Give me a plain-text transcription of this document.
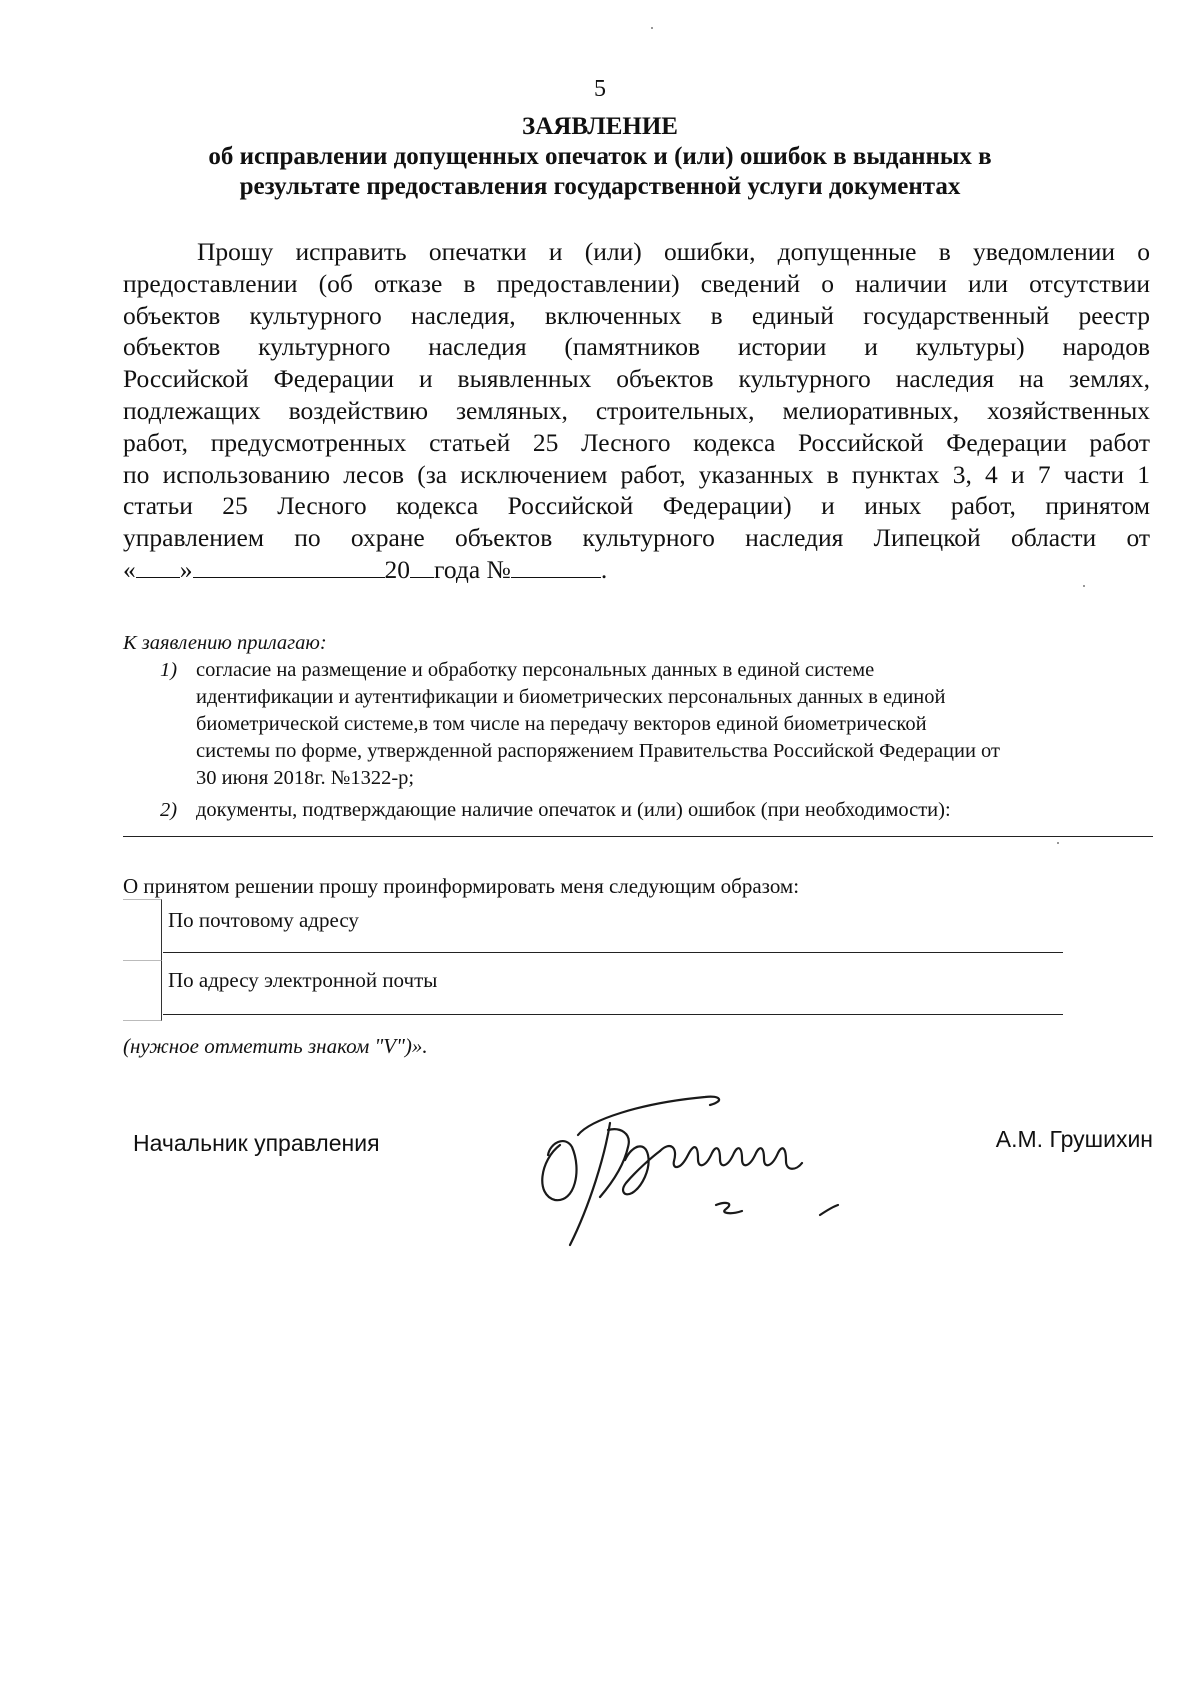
5
ЗАЯВЛЕНИЕ
об исправлении допущенных опечаток и (или) ошибок в выданных в
результате предоставления государственной услуги документах
Прошу исправить опечатки и (или) ошибки, допущенные в уведомлении о
предоставлении (об отказе в предоставлении) сведений о наличии или отсутствии
объектов культурного наследия, включенных в единый государственный реестр
объектов культурного наследия (памятников истории и культуры) народов
Российской Федерации и выявленных объектов культурного наследия на землях,
подлежащих воздействию земляных, строительных, мелиоративных, хозяйственных
работ, предусмотренных статьей 25 Лесного кодекса Российской Федерации работ
по использованию лесов (за исключением работ, указанных в пунктах 3, 4 и 7 части 1
статьи 25 Лесного кодекса Российской Федерации) и иных работ, принятом
управлением по охране объектов культурного наследия Липецкой области от
« »	20 года №	.
К заявлению прилагаю:
1) согласие на размещение и обработку персональных данных в единой системе
идентификации и аутентификации и биометрических персональных данных в единой
биометрической системе,в том числе на передачу векторов единой биометрической
системы по форме, утвержденной распоряжением Правительства Российской Федерации от
30 июня 2018г. №1322-р;
2) документы, подтверждающие наличие опечаток и (или) ошибок (при необходимости):
О принятом решении прошу проинформировать меня следующим образом:
По почтовому адресу
По адресу электронной почты
(нужное отметить знаком "V")».
Начальник управления	А.М. Грушихин
